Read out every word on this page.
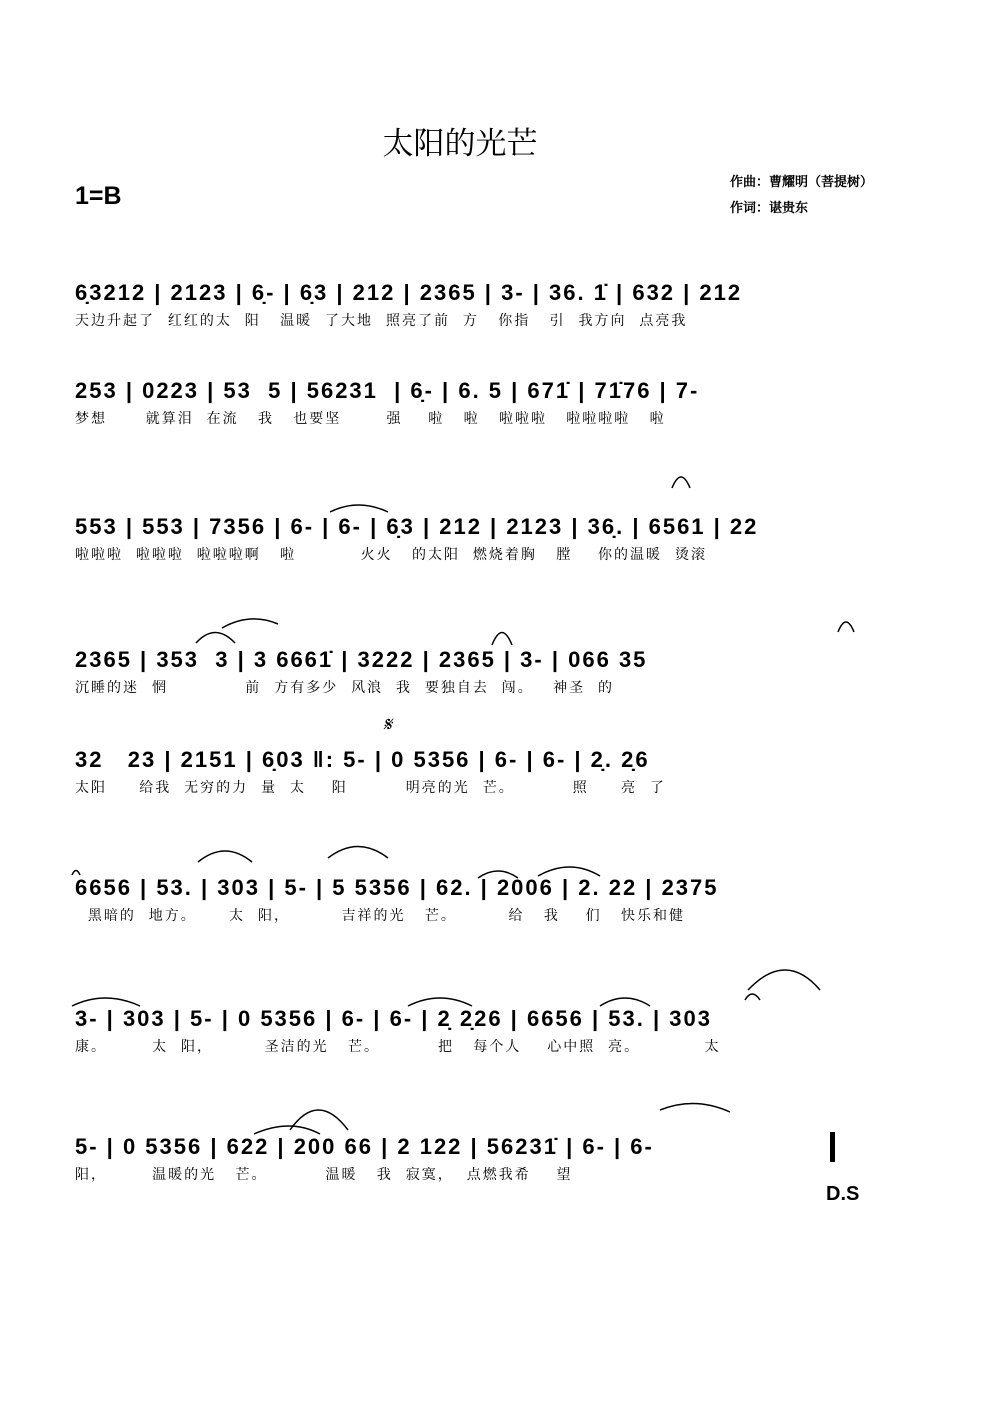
太阳的光芒
1=B	作曲：曹耀明（菩提树）
作词：谌贵东
𝄋
6̣3212 | 2123 | 6̣- | 6̣3 | 212 | 2365 | 3- | 36. 1̇ | 632 | 212
天边升起了  红红的太  阳   温暖  了大地  照亮了前  方   你指   引  我方向  点亮我
253 | 0223 | 53  5 | 56231  | 6̣- | 6. 5 | 671̇ | 71̇76 | 7-
梦想      就算泪  在流   我   也要坚       强    啦   啦   啦啦啦   啦啦啦啦   啦
553 | 553 | 7356 | 6- | 6- | 6̣3 | 212 | 2123 | 36̣. | 6561 | 22
啦啦啦  啦啦啦  啦啦啦啊   啦          火火   的太阳  燃烧着胸   膛    你的温暖  烫滚
2365 | 353  3 | 3 6661̇ | 3222 | 2365 | 3- | 066 35
沉睡的迷  惘            前  方有多少  风浪  我  要独自去  闯。   神圣  的
32   23 | 2151 | 6̣03 ‖: 5- | 0 5356 | 6- | 6- | 2̣. 2̣6
太阳     给我  无穷的力  量  太    阳         明亮的光  芒。         照     亮  了
6656 | 53. | 303 | 5- | 5 5356 | 62. | 2006 | 2. 22 | 2375
黑暗的  地方。     太  阳，        吉祥的光   芒。        给   我    们   快乐和健
3- | 303 | 5- | 0 5356 | 6- | 6- | 2̣ 2̣26 | 6656 | 53. | 303
康。       太  阳，        圣洁的光   芒。         把   每个人    心中照  亮。          太
5- | 0 5356 | 622 | 200 66 | 2 122 | 56231̇ | 6- | 6-
阳，       温暖的光   芒。         温暖   我  寂寞，  点燃我希    望
D.S
